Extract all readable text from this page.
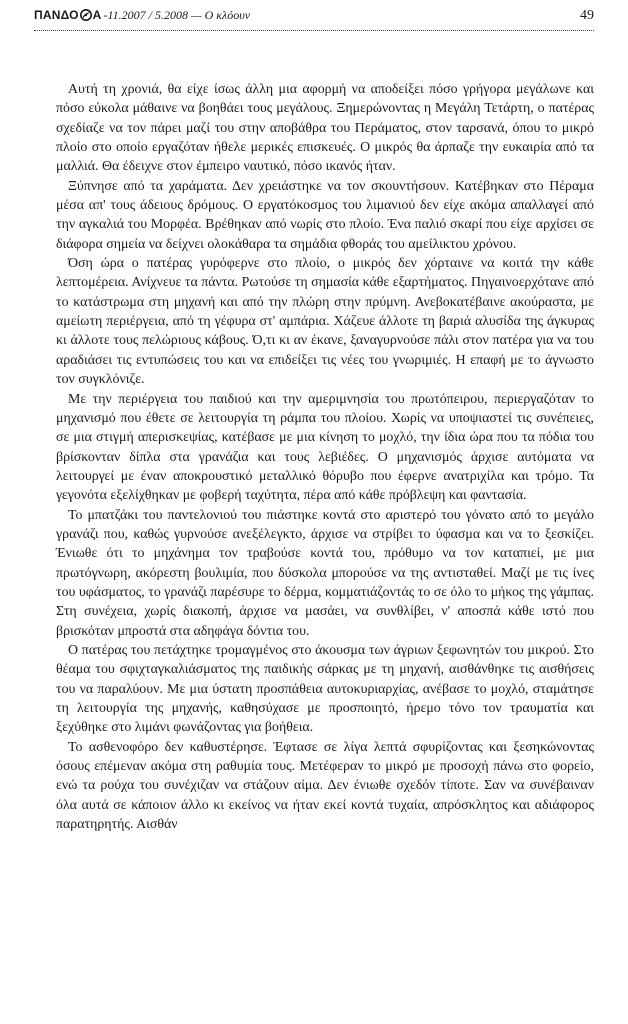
ΠΑΝΔΟ Α -11.2007 / 5.2008 — Ο κλόουν	49

Αυτή τη χρονιά, θα είχε ίσως άλλη μια αφορμή να αποδείξει πόσο γρήγορα μεγάλωνε και πόσο εύκολα μάθαινε να βοηθάει τους μεγάλους. Ξημερώνοντας η Μεγάλη Τετάρτη, ο πατέρας σχεδίαζε να τον πάρει μαζί του στην αποβάθρα του Περάματος, στον ταρσανά, όπου το μικρό πλοίο στο οποίο εργαζόταν ήθελε μερικές επισκευές. Ο μικρός θα άρπαζε την ευκαιρία από τα μαλλιά. Θα έδειχνε στον έμπειρο ναυτικό, πόσο ικανός ήταν.

Ξύπνησε από τα χαράματα. Δεν χρειάστηκε να τον σκουντήσουν. Κατέβηκαν στο Πέραμα μέσα απ' τους άδειους δρόμους. Ο εργατόκοσμος του λιμανιού δεν είχε ακόμα απαλλαγεί από την αγκαλιά του Μορφέα. Βρέθηκαν από νωρίς στο πλοίο. Ένα παλιό σκαρί που είχε αρχίσει σε διάφορα σημεία να δείχνει ολοκάθαρα τα σημάδια φθοράς του αμείλικτου χρόνου.

Όση ώρα ο πατέρας γυρόφερνε στο πλοίο, ο μικρός δεν χόρταινε να κοιτά την κάθε λεπτομέρεια. Ανίχνευε τα πάντα. Ρωτούσε τη σημασία κάθε εξαρτήματος. Πηγαινοερχότανε από το κατάστρωμα στη μηχανή και από την πλώρη στην πρύμνη. Ανεβοκατέβαινε ακούραστα, με αμείωτη περιέργεια, από τη γέφυρα στ' αμπάρια. Χάζευε άλλοτε τη βαριά αλυσίδα της άγκυρας κι άλλοτε τους πελώριους κάβους. Ό,τι κι αν έκανε, ξαναγυρνούσε πάλι στον πατέρα για να του αραδιάσει τις εντυπώσεις του και να επιδείξει τις νέες του γνωριμιές. Η επαφή με το άγνωστο τον συγκλόνιζε.

Με την περιέργεια του παιδιού και την αμεριμνησία του πρωτόπειρου, περιεργαζόταν το μηχανισμό που έθετε σε λειτουργία τη ράμπα του πλοίου. Χωρίς να υποψιαστεί τις συνέπειες, σε μια στιγμή απερισκεψίας, κατέβασε με μια κίνηση το μοχλό, την ίδια ώρα που τα πόδια του βρίσκονταν δίπλα στα γρανάζια και τους λεβιέδες. Ο μηχανισμός άρχισε αυτόματα να λειτουργεί με έναν αποκρουστικό μεταλλικό θόρυβο που έφερνε ανατριχίλα και τρόμο. Τα γεγονότα εξελίχθηκαν με φοβερή ταχύτητα, πέρα από κάθε πρόβλεψη και φαντασία.

Το μπατζάκι του παντελονιού του πιάστηκε κοντά στο αριστερό του γόνατο από το μεγάλο γρανάζι που, καθώς γυρνούσε ανεξέλεγκτο, άρχισε να στρίβει το ύφασμα και να το ξεσκίζει. Ένιωθε ότι το μηχάνημα τον τραβούσε κοντά του, πρόθυμο να τον καταπιεί, με μια πρωτόγνωρη, ακόρεστη βουλιμία, που δύσκολα μπορούσε να της αντισταθεί. Μαζί με τις ίνες του υφάσματος, το γρανάζι παρέσυρε το δέρμα, κομματιάζοντάς το σε όλο το μήκος της γάμπας. Στη συνέχεια, χωρίς διακοπή, άρχισε να μασάει, να συνθλίβει, ν' αποσπά κάθε ιστό που βρισκόταν μπροστά στα αδηφάγα δόντια του.

Ο πατέρας του πετάχτηκε τρομαγμένος στο άκουσμα των άγριων ξεφωνητών του μικρού. Στο θέαμα του σφιχταγκαλιάσματος της παιδικής σάρκας με τη μηχανή, αισθάνθηκε τις αισθήσεις του να παραλύουν. Με μια ύστατη προσπάθεια αυτοκυριαρχίας, ανέβασε το μοχλό, σταμάτησε τη λειτουργία της μηχανής, καθησύχασε με προσποιητό, ήρεμο τόνο τον τραυματία και ξεχύθηκε στο λιμάνι φωνάζοντας για βοήθεια.

Το ασθενοφόρο δεν καθυστέρησε. Έφτασε σε λίγα λεπτά σφυρίζοντας και ξεσηκώνοντας όσους επέμεναν ακόμα στη ραθυμία τους. Μετέφεραν το μικρό με προσοχή πάνω στο φορείο, ενώ τα ρούχα του συνέχιζαν να στάζουν αίμα. Δεν ένιωθε σχεδόν τίποτε. Σαν να συνέβαιναν όλα αυτά σε κάποιον άλλο κι εκείνος να ήταν εκεί κοντά τυχαία, απρόσκλητος και αδιάφορος παρατηρητής. Αισθάν
